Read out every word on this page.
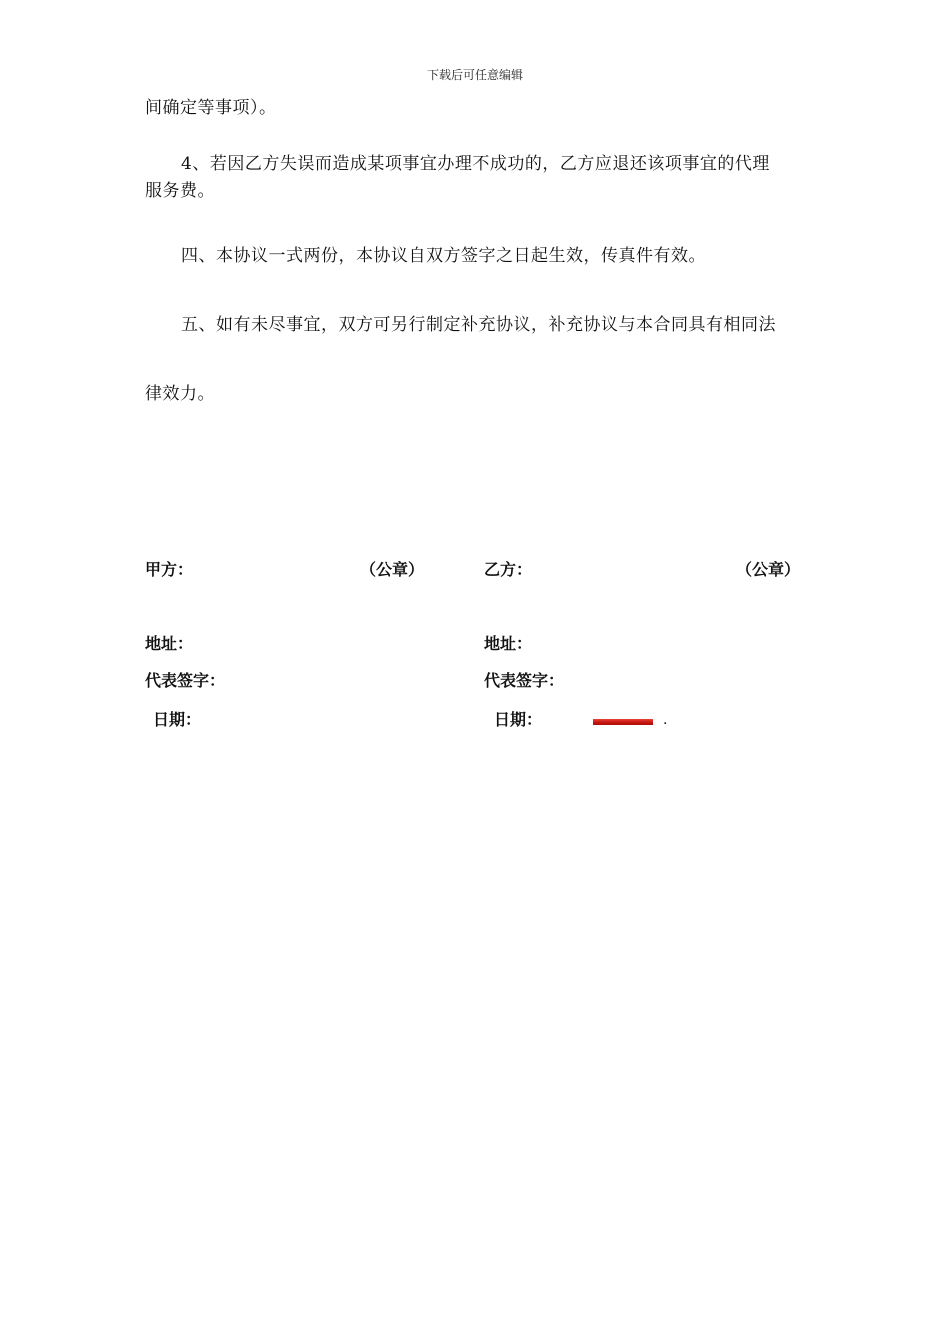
下载后可任意编辑
间确定等事项）。
4、若因乙方失误而造成某项事宜办理不成功的，乙方应退还该项事宜的代理
服务费。
四、本协议一式两份，本协议自双方签字之日起生效，传真件有效。
五、如有未尽事宜，双方可另行制定补充协议，补充协议与本合同具有相同法
律效力。
甲方：	（公章）
地址：
代表签字：
日期：
乙方：	（公章）
地址：
代表签字：
日期：	.
